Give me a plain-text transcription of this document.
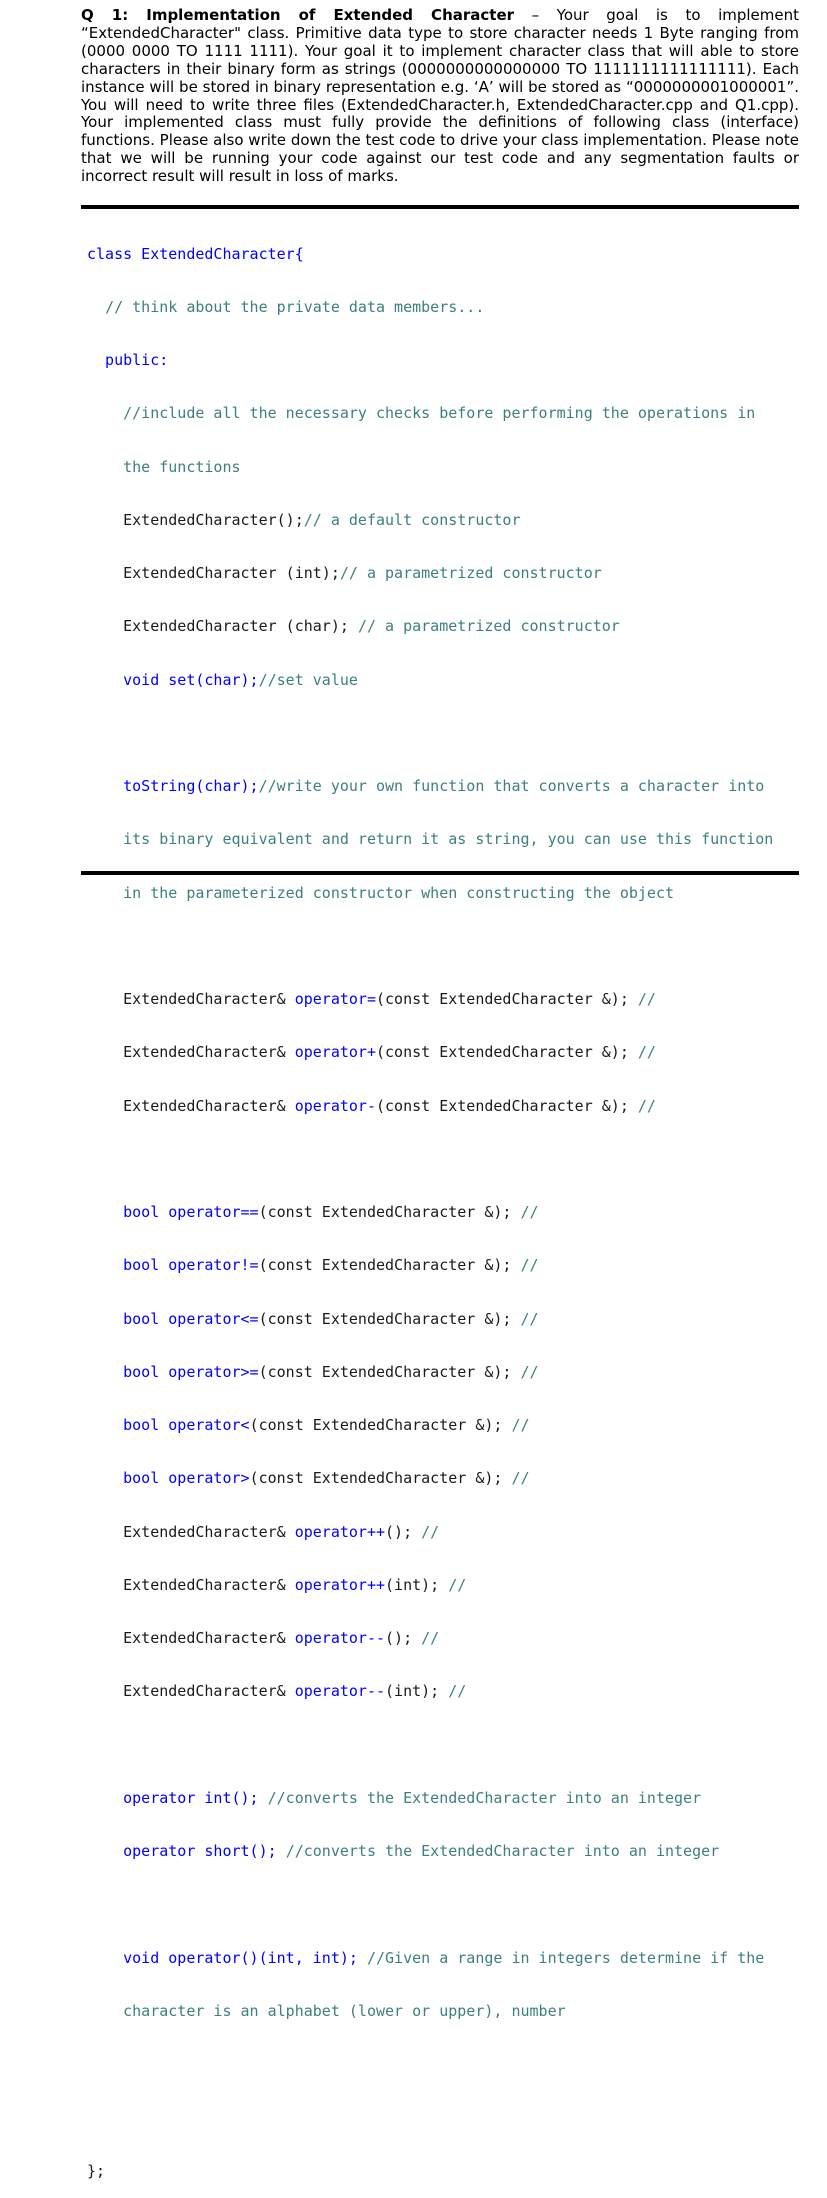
Q 1: Implementation of Extended Character – Your goal is to implement “ExtendedCharacter" class. Primitive data type to store character needs 1 Byte ranging from (0000 0000 TO 1111 1111). Your goal it to implement character class that will able to store characters in their binary form as strings (0000000000000000 TO 1111111111111111). Each instance will be stored in binary representation e.g. ‘A’ will be stored as “0000000001000001”. You will need to write three files (ExtendedCharacter.h, ExtendedCharacter.cpp and Q1.cpp). Your implemented class must fully provide the definitions of following class (interface) functions. Please also write down the test code to drive your class implementation. Please note that we will be running your code against our test code and any segmentation faults or incorrect result will result in loss of marks.

class ExtendedCharacter{

// think about the private data members...

public:

//include all the necessary checks before performing the operations in

the functions

ExtendedCharacter();// a default constructor

ExtendedCharacter (int);// a parametrized constructor

ExtendedCharacter (char); // a parametrized constructor

void set(char);//set value

toString(char);//write your own function that converts a character into

its binary equivalent and return it as string, you can use this function

in the parameterized constructor when constructing the object

ExtendedCharacter& operator=(const ExtendedCharacter &); //

ExtendedCharacter& operator+(const ExtendedCharacter &); //

ExtendedCharacter& operator-(const ExtendedCharacter &); //

bool operator==(const ExtendedCharacter &); //

bool operator!=(const ExtendedCharacter &); //

bool operator<=(const ExtendedCharacter &); //

bool operator>=(const ExtendedCharacter &); //

bool operator<(const ExtendedCharacter &); //

bool operator>(const ExtendedCharacter &); //

ExtendedCharacter& operator++(); //

ExtendedCharacter& operator++(int); //

ExtendedCharacter& operator--(); //

ExtendedCharacter& operator--(int); //

operator int(); //converts the ExtendedCharacter into an integer

operator short(); //converts the ExtendedCharacter into an integer

void operator()(int, int); //Given a range in integers determine if the

character is an alphabet (lower or upper), number

};
